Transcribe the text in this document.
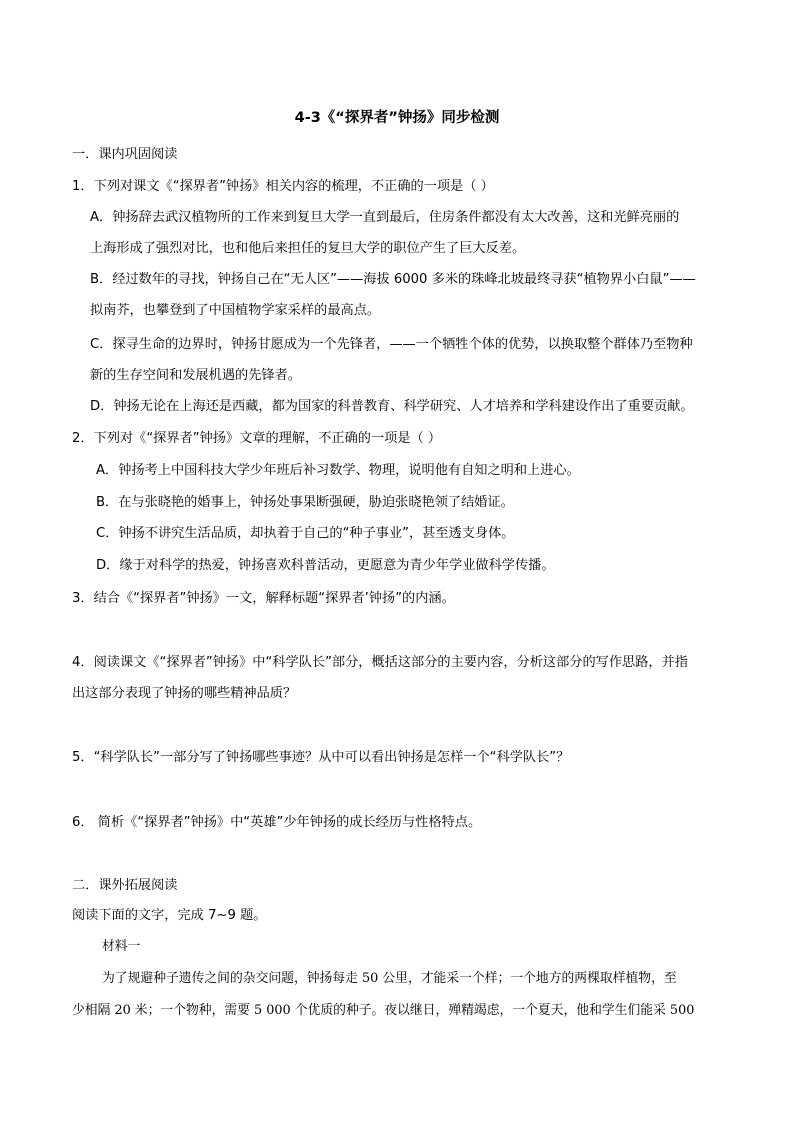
4-3《“探界者”钟扬》同步检测
一．课内巩固阅读
1．下列对课文《“探界者”钟扬》相关内容的梳理，不正确的一项是（ ）
A．钟扬辞去武汉植物所的工作来到复旦大学一直到最后，住房条件都没有太大改善，这和光鲜亮丽的
上海形成了强烈对比，也和他后来担任的复旦大学的职位产生了巨大反差。
B．经过数年的寻找，钟扬自己在“无人区”——海拔 6000 多米的珠峰北坡最终寻获“植物界小白鼠”——
拟南芥，也攀登到了中国植物学家采样的最高点。
C．探寻生命的边界时，钟扬甘愿成为一个先锋者，——一个牺牲个体的优势，以换取整个群体乃至物种
新的生存空间和发展机遇的先锋者。
D．钟扬无论在上海还是西藏，都为国家的科普教育、科学研究、人才培养和学科建设作出了重要贡献。
2．下列对《“探界者”钟扬》文章的理解，不正确的一项是（ ）
A．钟扬考上中国科技大学少年班后补习数学、物理，说明他有自知之明和上进心。
B．在与张晓艳的婚事上，钟扬处事果断强硬，胁迫张晓艳领了结婚证。
C．钟扬不讲究生活品质，却执着于自己的“种子事业”，甚至透支身体。
D．缘于对科学的热爱，钟扬喜欢科普活动，更愿意为青少年学业做科学传播。
3．结合《“探界者”钟扬》一文，解释标题“探界者’钟扬”的内涵。
4．阅读课文《“探界者”钟扬》中“科学队长”部分，概括这部分的主要内容，分析这部分的写作思路，并指
出这部分表现了钟扬的哪些精神品质？
5．“科学队长”一部分写了钟扬哪些事迹？从中可以看出钟扬是怎样一个“科学队长”？
6． 简析《“探界者”钟扬》中“英雄”少年钟扬的成长经历与性格特点。
二．课外拓展阅读
阅读下面的文字，完成 7~9 题。
材料一
为了规避种子遗传之间的杂交问题，钟扬每走 50 公里，才能采一个样；一个地方的两棵取样植物，至
少相隔 20 米；一个物种，需要 5 000 个优质的种子。夜以继日，殚精竭虑，一个夏天，他和学生们能采 500
